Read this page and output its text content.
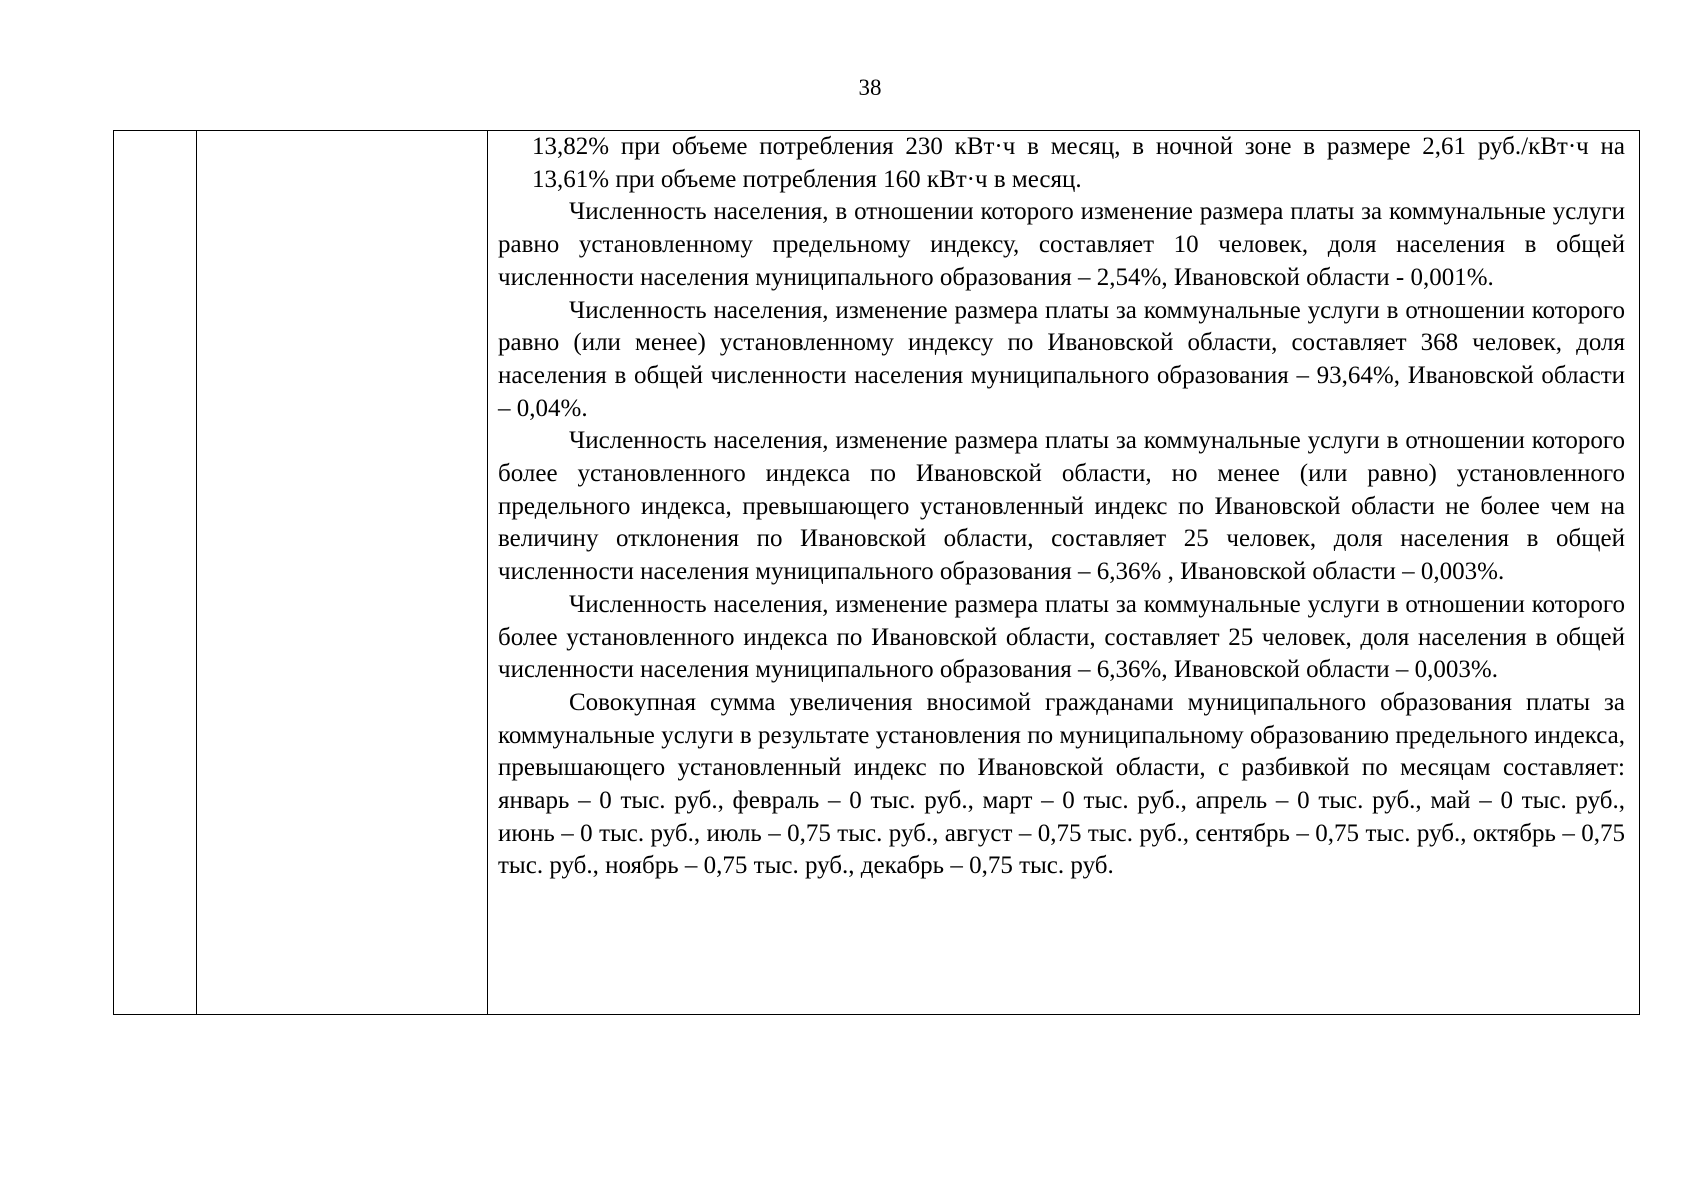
38

13,82% при объеме потребления 230 кВт·ч в месяц, в ночной зоне в размере 2,61 руб./кВт·ч на 13,61% при объеме потребления 160 кВт·ч в месяц.

Численность населения, в отношении которого изменение размера платы за коммунальные услуги равно установленному предельному индексу, составляет 10 человек, доля населения в общей численности населения муниципального образования – 2,54%, Ивановской области - 0,001%.

Численность населения, изменение размера платы за коммунальные услуги в отношении которого равно (или менее) установленному индексу по Ивановской области, составляет 368 человек, доля населения в общей численности населения муниципального образования – 93,64%, Ивановской области – 0,04%.

Численность населения, изменение размера платы за коммунальные услуги в отношении которого более установленного индекса по Ивановской области, но менее (или равно) установленного предельного индекса, превышающего установленный индекс по Ивановской области не более чем на величину отклонения по Ивановской области, составляет 25 человек, доля населения в общей численности населения муниципального образования – 6,36% , Ивановской области – 0,003%.

Численность населения, изменение размера платы за коммунальные услуги в отношении которого более установленного индекса по Ивановской области, составляет 25 человек, доля населения в общей численности населения муниципального образования – 6,36%, Ивановской области – 0,003%.

Совокупная сумма увеличения вносимой гражданами муниципального образования платы за коммунальные услуги в результате установления по муниципальному образованию предельного индекса, превышающего установленный индекс по Ивановской области, с разбивкой по месяцам составляет: январь – 0 тыс. руб., февраль – 0 тыс. руб., март – 0 тыс. руб., апрель – 0 тыс. руб., май – 0 тыс. руб., июнь – 0 тыс. руб., июль – 0,75 тыс. руб., август – 0,75 тыс. руб., сентябрь – 0,75 тыс. руб., октябрь – 0,75 тыс. руб., ноябрь – 0,75 тыс. руб., декабрь – 0,75 тыс. руб.
